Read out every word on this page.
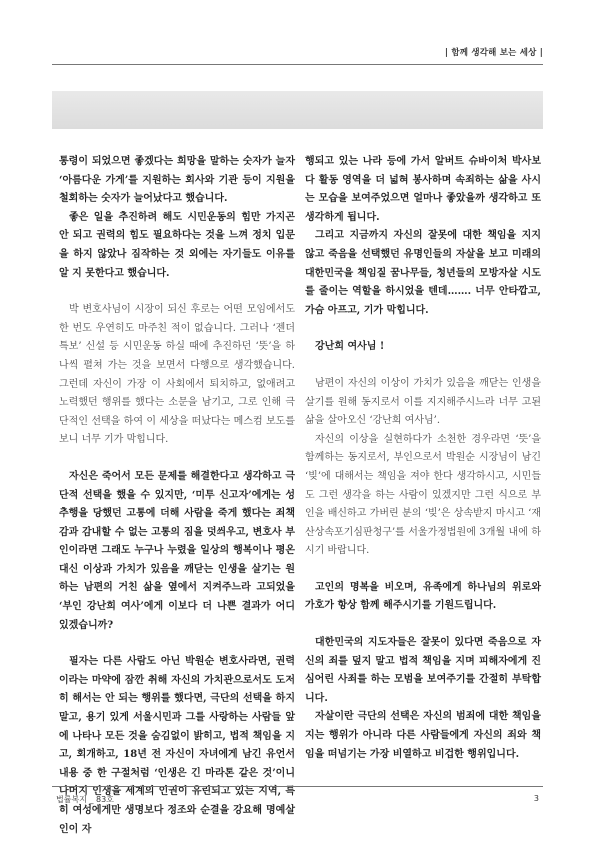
| 함께 생각해 보는 세상 |

통령이 되었으면 좋겠다는 희망을 말하는 숫자가 늘자 ‘아름다운 가게’를 지원하는 회사와 기관 등이 지원을 철회하는 숫자가 늘어났다고 했습니다.

좋은 일을 추진하려 해도 시민운동의 힘만 가지곤 안 되고 권력의 힘도 필요하다는 것을 느껴 정치 입문을 하지 않았나 짐작하는 것 외에는 자기들도 이유를 알 지 못한다고 했습니다.

박 변호사님이 시장이 되신 후로는 어떤 모임에서도 한 번도 우연히도 마주친 적이 없습니다. 그러나 ‘젠더 특보’ 신설 등 시민운동 하실 때에 추진하던 ‘뜻’을 하나씩 펼쳐 가는 것을 보면서 다행으로 생각했습니다. 그런데 자신이 가장 이 사회에서 퇴치하고, 없애려고 노력했던 행위를 했다는 소문을 남기고, 그로 인해 극단적인 선택을 하여 이 세상을 떠났다는 메스컴 보도를 보니 너무 기가 막힙니다.

자신은 죽어서 모든 문제를 해결한다고 생각하고 극단적 선택을 했을 수 있지만, ‘미투 신고자’에게는 성추행을 당했던 고통에 더해 사람을 죽게 했다는 죄책감과 감내할 수 없는 고통의 짐을 덧씌우고, 변호사 부인이라면 그래도 누구나 누렸을 일상의 행복이나 평온 대신 이상과 가치가 있음을 깨닫는 인생을 살기는 원하는 남편의 거친 삶을 옆에서 지켜주느라 고되었을 ‘부인 강난희 여사’에게 이보다 더 나쁜 결과가 어디 있겠습니까?

필자는 다른 사람도 아닌 박원순 변호사라면, 권력이라는 마약에 잠깐 취해 자신의 가치관으로서도 도저히 해서는 안 되는 행위를 했다면, 극단의 선택을 하지 말고, 용기 있게 서울시민과 그를 사랑하는 사람들 앞에 나타나 모든 것을 숨김없이 밝히고, 법적 책임을 지고, 회개하고, 18년 전 자신이 자녀에게 남긴 유언서 내용 중 한 구절처럼 ‘인생은 긴 마라톤 같은 것’이니 나머지 인생을 세계의 인권이 유린되고 있는 지역, 특히 여성에게만 생명보다 정조와 순결을 강요해 명예살인이 자

행되고 있는 나라 등에 가서 알버트 슈바이처 박사보다 활동 영역을 더 넓혀 봉사하며 속죄하는 삶을 사시는 모습을 보여주었으면 얼마나 좋았을까 생각하고 또 생각하게 됩니다.

그리고 지금까지 자신의 잘못에 대한 책임을 지지 않고 죽음을 선택했던 유명인들의 자살을 보고 미래의 대한민국을 책임질 꿈나무들, 청년들의 모방자살 시도를 줄이는 역할을 하시었을 텐데……. 너무 안타깝고, 가슴 아프고, 기가 막힙니다.

강난희 여사님 !

남편이 자신의 이상이 가치가 있음을 깨닫는 인생을 살기를 원해 동지로서 이를 지지해주시느라 너무 고된 삶을 살아오신 ‘강난희 여사님’.

자신의 이상을 실현하다가 소천한 경우라면 ‘뜻’을 함께하는 동지로서, 부인으로서 박원순 시장님이 남긴 ‘빚’에 대해서는 책임을 져야 한다 생각하시고, 시민들도 그런 생각을 하는 사람이 있겠지만 그런 식으로 부인을 배신하고 가버린 분의 ‘빚’은 상속받지 마시고 ‘재산상속포기심판청구’를 서울가정법원에 3개월 내에 하시기 바랍니다.

고인의 명복을 비오며, 유족에게 하나님의 위로와 가호가 항상 함께 해주시기를 기원드립니다.

대한민국의 지도자들은 잘못이 있다면 죽음으로 자신의 죄를 덮지 말고 법적 책임을 지며 피해자에게 진심어린 사죄를 하는 모범을 보여주기를 간절히 부탁합니다.

자살이란 극단의 선택은 자신의 범죄에 대한 책임을 지는 행위가 아니라 다른 사람들에게 자신의 죄와 책임을 떠넘기는 가장 비열하고 비겁한 행위입니다.

법률복지 _ 83호	3
